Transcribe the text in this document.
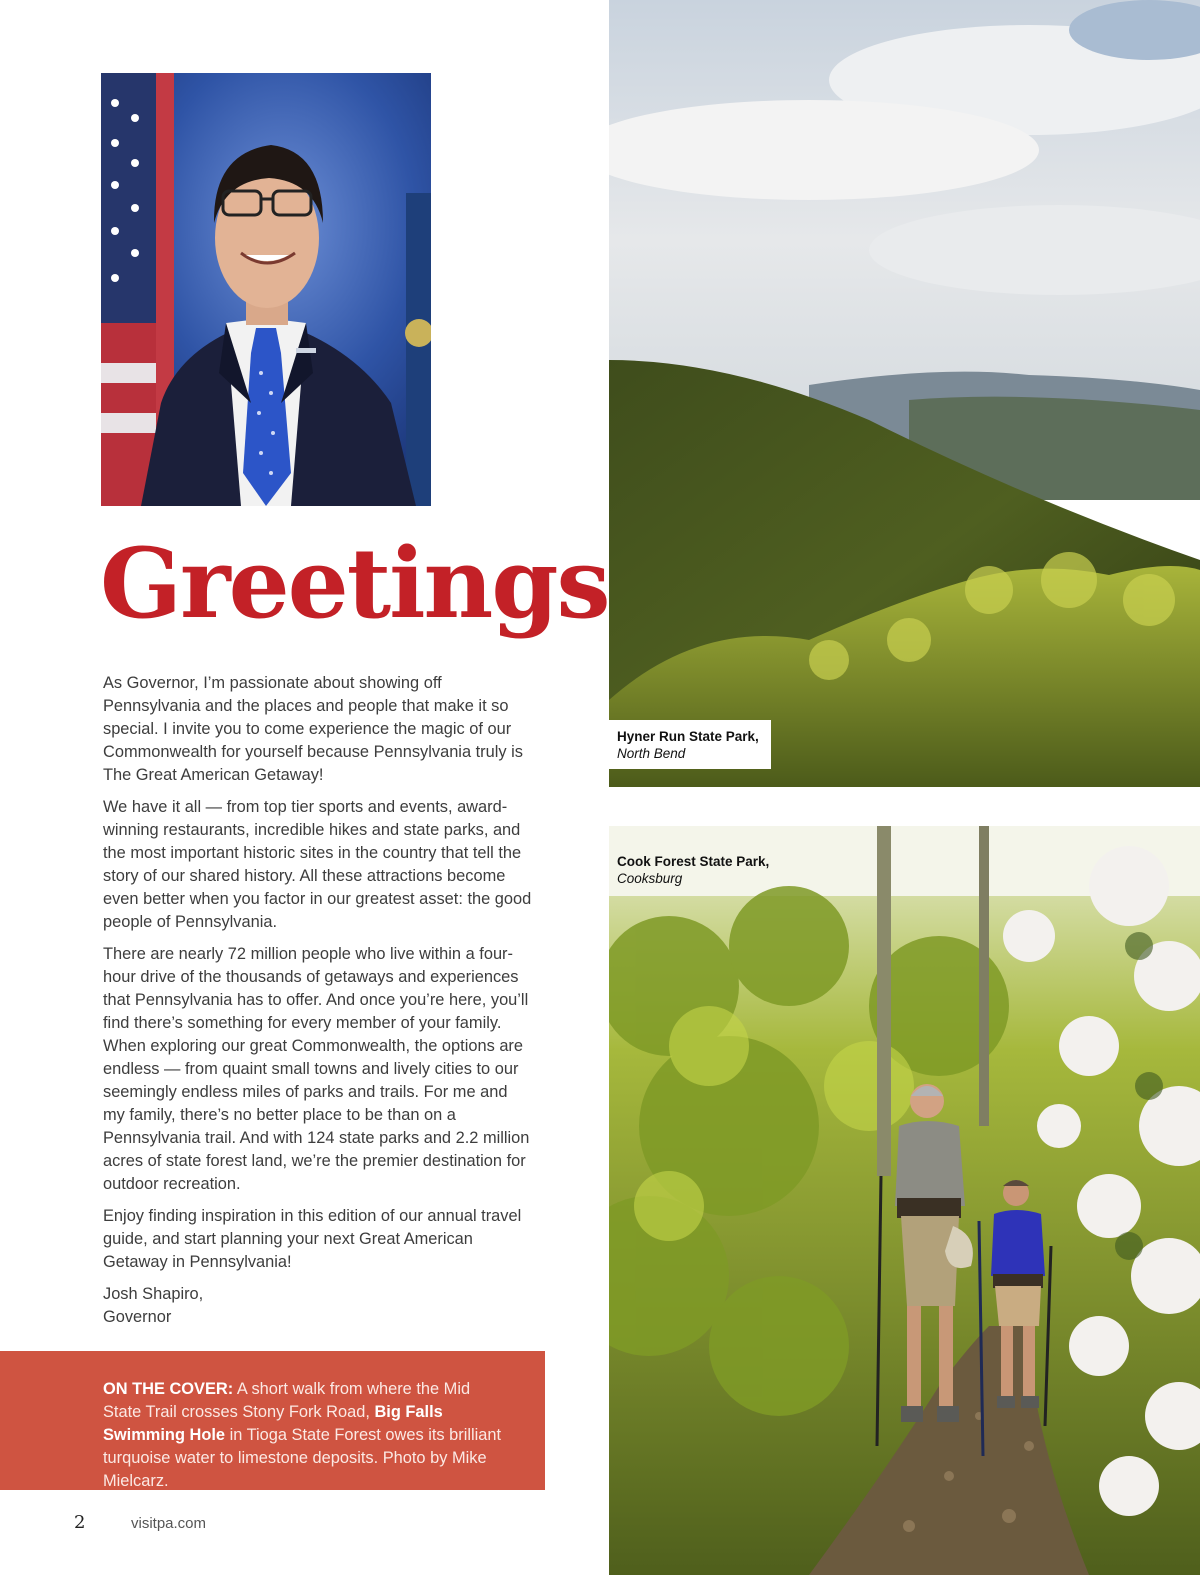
Greetings

As Governor, I’m passionate about showing off Pennsylvania and the places and people that make it so special. I invite you to come experience the magic of our Commonwealth for yourself because Pennsylvania truly is The Great American Getaway!

We have it all — from top tier sports and events, award-winning restaurants, incredible hikes and state parks, and the most important historic sites in the country that tell the story of our shared history. All these attractions become even better when you factor in our greatest asset: the good people of Pennsylvania.

There are nearly 72 million people who live within a four-hour drive of the thousands of getaways and experiences that Pennsylvania has to offer. And once you’re here, you’ll find there’s something for every member of your family. When exploring our great Commonwealth, the options are endless — from quaint small towns and lively cities to our seemingly endless miles of parks and trails. For me and my family, there’s no better place to be than on a Pennsylvania trail. And with 124 state parks and 2.2 million acres of state forest land, we’re the premier destination for outdoor recreation.

Enjoy finding inspiration in this edition of our annual travel guide, and start planning your next Great American Getaway in Pennsylvania!

Josh Shapiro,
Governor
ON THE COVER: A short walk from where the Mid State Trail crosses Stony Fork Road, Big Falls Swimming Hole in Tioga State Forest owes its brilliant turquoise water to limestone deposits. Photo by Mike Mielcarz.
2	visitpa.com
Hyner Run State Park,
North Bend
Cook Forest State Park,
Cooksburg
